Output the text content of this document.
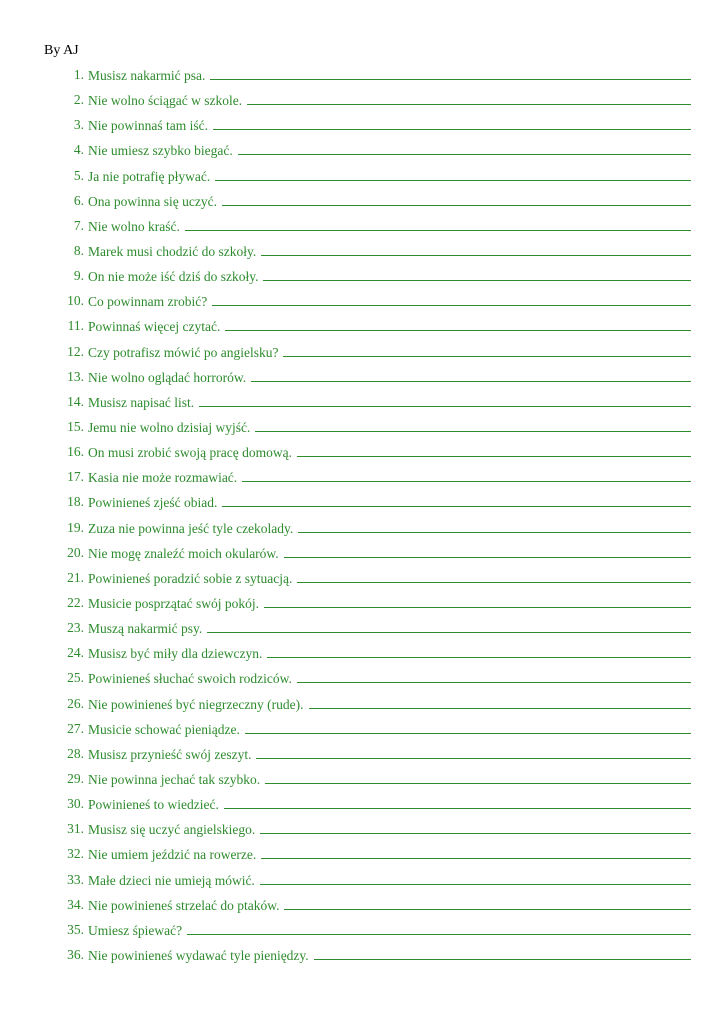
By AJ
1. Musisz nakarmić psa.
2. Nie wolno ściągać w szkole.
3. Nie powinnaś tam iść.
4. Nie umiesz szybko biegać.
5. Ja nie potrafię pływać.
6. Ona powinna się uczyć.
7. Nie wolno kraść.
8. Marek musi chodzić do szkoły.
9. On nie może iść dziś do szkoły.
10. Co powinnam zrobić?
11. Powinnaś więcej czytać.
12. Czy potrafisz mówić po angielsku?
13. Nie wolno oglądać horrorów.
14. Musisz napisać list.
15. Jemu nie wolno dzisiaj wyjść.
16. On musi zrobić swoją pracę domową.
17. Kasia nie może rozmawiać.
18. Powinieneś zjeść obiad.
19. Zuza nie powinna jeść tyle czekolady.
20. Nie mogę znaleźć moich okularów.
21. Powinieneś poradzić sobie z sytuacją.
22. Musicie posprzątać swój pokój.
23. Muszą nakarmić psy.
24. Musisz być miły dla dziewczyn.
25. Powinieneś słuchać swoich rodziców.
26. Nie powinieneś być niegrzeczny (rude).
27. Musicie schować pieniądze.
28. Musisz przynieść swój zeszyt.
29. Nie powinna jechać tak szybko.
30. Powinieneś to wiedzieć.
31. Musisz się uczyć angielskiego.
32. Nie umiem jeździć na rowerze.
33. Małe dzieci nie umieją mówić.
34. Nie powinieneś strzelać do ptaków.
35. Umiesz śpiewać?
36. Nie powinieneś wydawać tyle pieniędzy.
